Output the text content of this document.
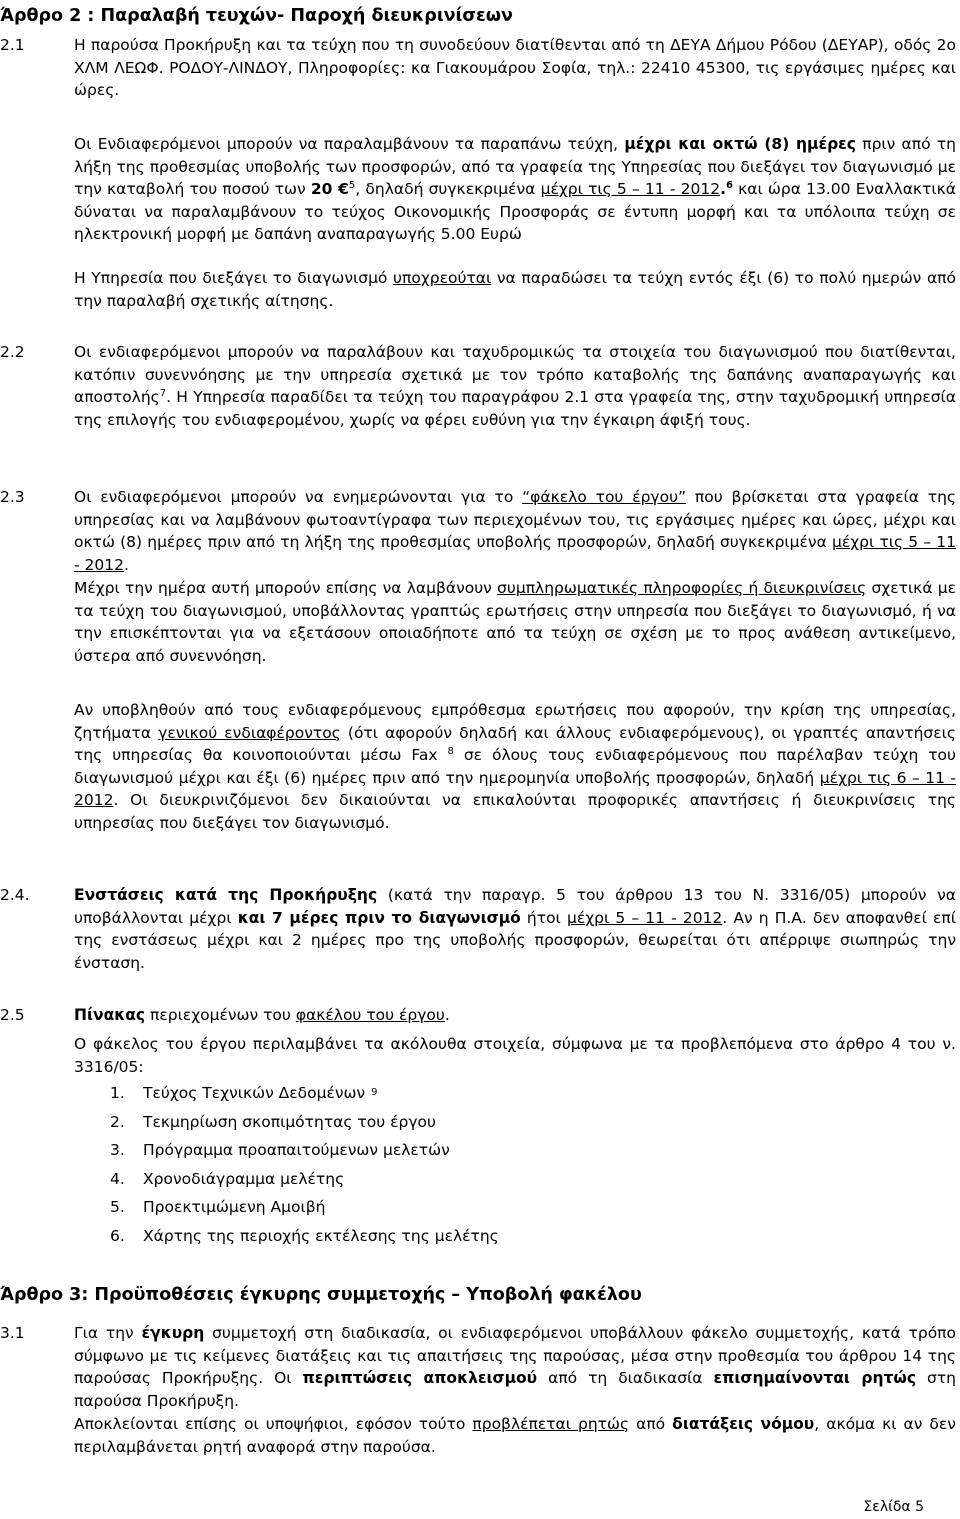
Άρθρο 2 : Παραλαβή τευχών- Παροχή διευκρινίσεων
2.1	Η παρούσα Προκήρυξη και τα τεύχη που τη συνοδεύουν διατίθενται από τη ΔΕΥΑ Δήμου Ρόδου (ΔΕΥΑΡ), οδός 2ο ΧΛΜ ΛΕΩΦ. ΡΟΔΟΥ-ΛΙΝΔΟΥ, Πληροφορίες: κα Γιακουμάρου Σοφία, τηλ.: 22410 45300, τις εργάσιμες ημέρες και ώρες.

Οι Ενδιαφερόμενοι μπορούν να παραλαμβάνουν τα παραπάνω τεύχη, μέχρι και οκτώ (8) ημέρες πριν από τη λήξη της προθεσμίας υποβολής των προσφορών, από τα γραφεία της Υπηρεσίας που διεξάγει τον διαγωνισμό με την καταβολή του ποσού των 20 €$^5$, δηλαδή συγκεκριμένα μέχρι τις 5 – 11 - 2012.$^6$ και ώρα 13.00 Εναλλακτικά δύναται να παραλαμβάνουν το τεύχος Οικονομικής Προσφοράς σε έντυπη μορφή και τα υπόλοιπα τεύχη σε ηλεκτρονική μορφή με δαπάνη αναπαραγωγής 5.00 Ευρώ

Η Υπηρεσία που διεξάγει το διαγωνισμό υποχρεούται να παραδώσει τα τεύχη εντός έξι (6) το πολύ ημερών από την παραλαβή σχετικής αίτησης.

2.2	Οι ενδιαφερόμενοι μπορούν να παραλάβουν και ταχυδρομικώς τα στοιχεία του διαγωνισμού που διατίθενται, κατόπιν συνεννόησης με την υπηρεσία σχετικά με τον τρόπο καταβολής της δαπάνης αναπαραγωγής και αποστολής$^7$. Η Υπηρεσία παραδίδει τα τεύχη του παραγράφου 2.1 στα γραφεία της, στην ταχυδρομική υπηρεσία της επιλογής του ενδιαφερομένου, χωρίς να φέρει ευθύνη για την έγκαιρη άφιξή τους.

2.3	Οι ενδιαφερόμενοι μπορούν να ενημερώνονται για το “φάκελο του έργου” που βρίσκεται στα γραφεία της υπηρεσίας και να λαμβάνουν φωτοαντίγραφα των περιεχομένων του, τις εργάσιμες ημέρες και ώρες, μέχρι και οκτώ (8) ημέρες πριν από τη λήξη της προθεσμίας υποβολής προσφορών, δηλαδή συγκεκριμένα μέχρι τις 5 – 11 - 2012.

Μέχρι την ημέρα αυτή μπορούν επίσης να λαμβάνουν συμπληρωματικές πληροφορίες ή διευκρινίσεις σχετικά με τα τεύχη του διαγωνισμού, υποβάλλοντας γραπτώς ερωτήσεις στην υπηρεσία που διεξάγει το διαγωνισμό, ή να την επισκέπτονται για να εξετάσουν οποιαδήποτε από τα τεύχη σε σχέση με το προς ανάθεση αντικείμενο, ύστερα από συνεννόηση.

Αν υποβληθούν από τους ενδιαφερόμενους εμπρόθεσμα ερωτήσεις που αφορούν, την κρίση της υπηρεσίας, ζητήματα γενικού ενδιαφέροντος (ότι αφορούν δηλαδή και άλλους ενδιαφερόμενους), οι γραπτές απαντήσεις της υπηρεσίας θα κοινοποιούνται μέσω Fax $^8$ σε όλους τους ενδιαφερόμενους που παρέλαβαν τεύχη του διαγωνισμού μέχρι και έξι (6) ημέρες πριν από την ημερομηνία υποβολής προσφορών, δηλαδή μέχρι τις 6 – 11 - 2012. Οι διευκρινιζόμενοι δεν δικαιούνται να επικαλούνται προφορικές απαντήσεις ή διευκρινίσεις της υπηρεσίας που διεξάγει τον διαγωνισμό.

2.4.	Ενστάσεις κατά της Προκήρυξης (κατά την παραγρ. 5 του άρθρου 13 του Ν. 3316/05) μπορούν να υποβάλλονται μέχρι και 7 μέρες πριν το διαγωνισμό ήτοι μέχρι 5 – 11 - 2012. Αν η Π.Α. δεν αποφανθεί επί της ενστάσεως μέχρι και 2 ημέρες προ της υποβολής προσφορών, θεωρείται ότι απέρριψε σιωπηρώς την ένσταση.

2.5	Πίνακας περιεχομένων του φακέλου του έργου.

Ο φάκελος του έργου περιλαμβάνει τα ακόλουθα στοιχεία, σύμφωνα με τα προβλεπόμενα στο άρθρο 4 του ν. 3316/05:

1.	Τεύχος Τεχνικών Δεδομένων 9
2.	Τεκμηρίωση σκοπιμότητας του έργου
3.	Πρόγραμμα προαπαιτούμενων μελετών
4.	Χρονοδιάγραμμα μελέτης
5.	Προεκτιμώμενη Αμοιβή
6.	Χάρτης της περιοχής εκτέλεσης της μελέτης
Άρθρο 3: Προϋποθέσεις έγκυρης συμμετοχής – Υποβολή φακέλου
3.1	Για την έγκυρη συμμετοχή στη διαδικασία, οι ενδιαφερόμενοι υποβάλλουν φάκελο συμμετοχής, κατά τρόπο σύμφωνο με τις κείμενες διατάξεις και τις απαιτήσεις της παρούσας, μέσα στην προθεσμία του άρθρου 14 της παρούσας Προκήρυξης. Οι περιπτώσεις αποκλεισμού από τη διαδικασία επισημαίνονται ρητώς στη παρούσα Προκήρυξη.

Αποκλείονται επίσης οι υποψήφιοι, εφόσον τούτο προβλέπεται ρητώς από διατάξεις νόμου, ακόμα κι αν δεν περιλαμβάνεται ρητή αναφορά στην παρούσα.

Σελίδα 5
